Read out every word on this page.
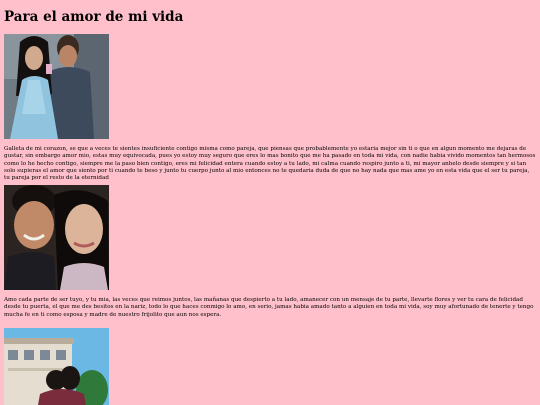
Para el amor de mi vida

Galleta de mi corazon, se que a veces te sientes insuficiente contigo misma como pareja, que piensas que probablemente yo estaria mejor sin ti o que en algun momento me dejaras de gustar, sin embargo amor mio, estas muy equivocada, pues yo estoy muy seguro que eres lo mas bonito que me ha pasado en toda mi vida, con nadie habia vivido momentos tan hermosos como lo he hecho contigo, siempre me la paso bien contigo, eres mi felicidad entera cuando estoy a tu lado, mi calma cuando respiro junto a ti, mi mayor anhelo desde siempre y si tan solo supieras el amor que siento por ti cuando te beso y junto tu cuerpo junto al mio entonces no te quedaria duda de que no hay nada que mas ame yo en esta vida que el ser tu pareja, tu pareja por el resto de la eternidad

Amo cada parte de ser tuyo, y tu mia, las veces que reimos juntos, las mañanas que despierto a tu lado, amanecer con un mensaje de tu parte, llevarte flores y ver tu cara de felicidad desde tu puerta, el que me des besitos en la nariz, todo lo que haces conmigo lo amo, en serio, jamas habia amado tanto a alguien en toda mi vida, soy muy afortunado de tenerte y tengo mucha fe en ti como esposa y madre de nuestro frijolito que aun nos espera.
